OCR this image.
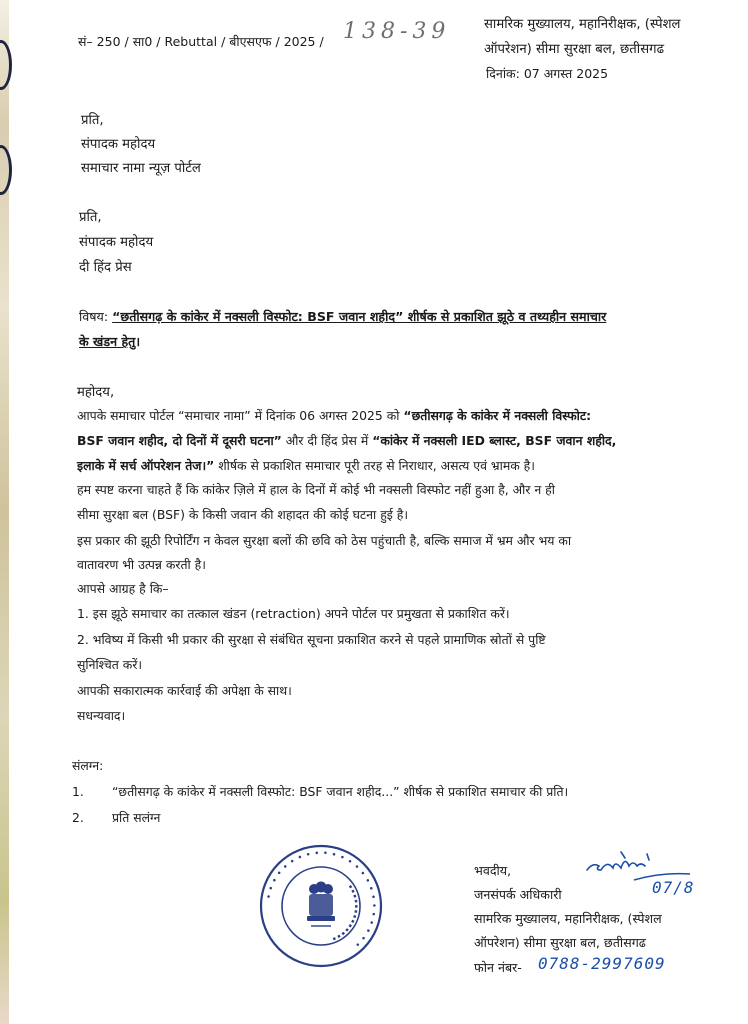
सं– 250 / सा0 / Rebuttal / बीएसएफ / 2025 / 138-39	सामरिक मुख्यालय, महानिरीक्षक, (स्पेशल
ऑपरेशन) सीमा सुरक्षा बल, छतीसगढ
दिनांक: 07 अगस्त 2025
प्रति,
संपादक महोदय
समाचार नामा न्यूज़ पोर्टल
प्रति,
संपादक महोदय
दी हिंद प्रेस
विषय: “छतीसगढ़ के कांकेर में नक्सली विस्फोट: BSF जवान शहीद” शीर्षक से प्रकाशित झूठे व तथ्यहीन समाचार
के खंडन हेतु।
महोदय,
आपके समाचार पोर्टल “समाचार नामा” में दिनांक 06 अगस्त 2025 को “छतीसगढ़ के कांकेर में नक्सली विस्फोट:
BSF जवान शहीद, दो दिनों में दूसरी घटना” और दी हिंद प्रेस में “कांकेर में नक्सली IED ब्लास्ट, BSF जवान शहीद,
इलाके में सर्च ऑपरेशन तेज।” शीर्षक से प्रकाशित समाचार पूरी तरह से निराधार, असत्य एवं भ्रामक है।
हम स्पष्ट करना चाहते हैं कि कांकेर ज़िले में हाल के दिनों में कोई भी नक्सली विस्फोट नहीं हुआ है, और न ही
सीमा सुरक्षा बल (BSF) के किसी जवान की शहादत की कोई घटना हुई है।
इस प्रकार की झूठी रिपोर्टिंग न केवल सुरक्षा बलों की छवि को ठेस पहुंचाती है, बल्कि समाज में भ्रम और भय का
वातावरण भी उत्पन्न करती है।
आपसे आग्रह है कि–
1. इस झूठे समाचार का तत्काल खंडन (retraction) अपने पोर्टल पर प्रमुखता से प्रकाशित करें।
2. भविष्य में किसी भी प्रकार की सुरक्षा से संबंधित सूचना प्रकाशित करने से पहले प्रामाणिक स्रोतों से पुष्टि
सुनिश्चित करें।
आपकी सकारात्मक कार्रवाई की अपेक्षा के साथ।
सधन्यवाद।
संलग्न:
1. “छतीसगढ़ के कांकेर में नक्सली विस्फोट: BSF जवान शहीद...” शीर्षक से प्रकाशित समाचार की प्रति।
2. प्रति सलंग्न
• • • • • • • • • • • • • • • • • • • • • • • •
▪ ▪ ▪ ▪ ▪ ▪ ▪ ▪ ▪ ▪ ▪ ▪ ▪
07/8
भवदीय,
जनसंपर्क अधिकारी
सामरिक मुख्यालय, महानिरीक्षक, (स्पेशल
ऑपरेशन) सीमा सुरक्षा बल, छतीसगढ
फोन नंबर- 0788-2997609
